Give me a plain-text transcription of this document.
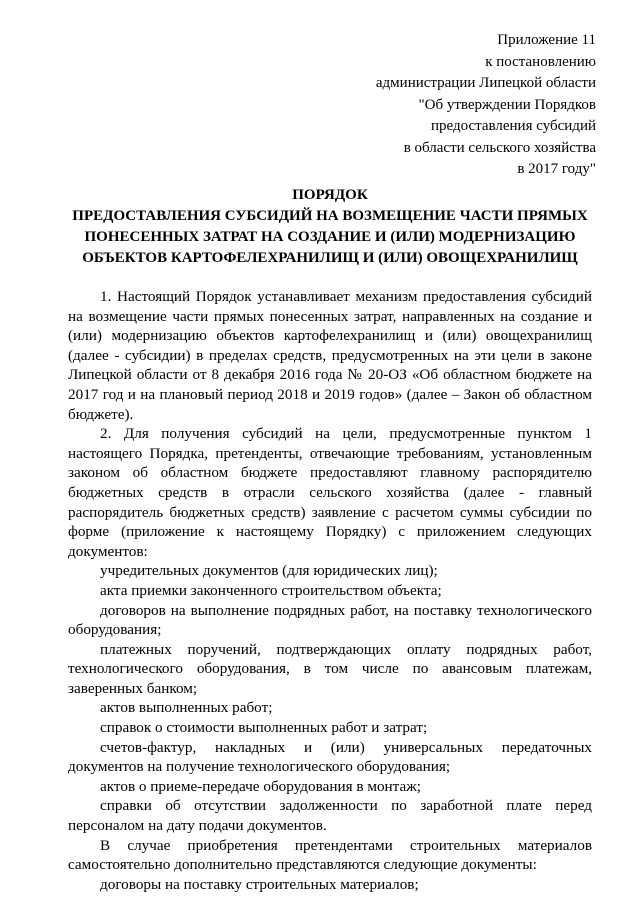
Приложение 11
к постановлению
администрации Липецкой области
"Об утверждении Порядков
предоставления субсидий
в области сельского хозяйства
в 2017 году"
ПОРЯДОК
ПРЕДОСТАВЛЕНИЯ СУБСИДИЙ НА ВОЗМЕЩЕНИЕ ЧАСТИ ПРЯМЫХ
ПОНЕСЕННЫХ ЗАТРАТ НА СОЗДАНИЕ И (ИЛИ) МОДЕРНИЗАЦИЮ
ОБЪЕКТОВ КАРТОФЕЛЕХРАНИЛИЩ И (ИЛИ) ОВОЩЕХРАНИЛИЩ

1. Настоящий Порядок устанавливает механизм предоставления субсидий на возмещение части прямых понесенных затрат, направленных на создание и (или) модернизацию объектов картофелехранилищ и (или) овощехранилищ (далее - субсидии) в пределах средств, предусмотренных на эти цели в законе Липецкой области от 8 декабря 2016 года № 20-ОЗ «Об областном бюджете на 2017 год и на плановый период 2018 и 2019 годов» (далее – Закон об областном бюджете).

2. Для получения субсидий на цели, предусмотренные пунктом 1 настоящего Порядка, претенденты, отвечающие требованиям, установленным законом об областном бюджете предоставляют главному распорядителю бюджетных средств в отрасли сельского хозяйства (далее - главный распорядитель бюджетных средств) заявление с расчетом суммы субсидии по форме (приложение к настоящему Порядку) с приложением следующих документов:

учредительных документов (для юридических лиц);

акта приемки законченного строительством объекта;

договоров на выполнение подрядных работ, на поставку технологического оборудования;

платежных поручений, подтверждающих оплату подрядных работ, технологического оборудования, в том числе по авансовым платежам, заверенных банком;

актов выполненных работ;

справок о стоимости выполненных работ и затрат;

счетов-фактур, накладных и (или) универсальных передаточных документов на получение технологического оборудования;

актов о приеме-передаче оборудования в монтаж;

справки об отсутствии задолженности по заработной плате перед персоналом на дату подачи документов.

В случае приобретения претендентами строительных материалов самостоятельно дополнительно представляются следующие документы:

договоры на поставку строительных материалов;
